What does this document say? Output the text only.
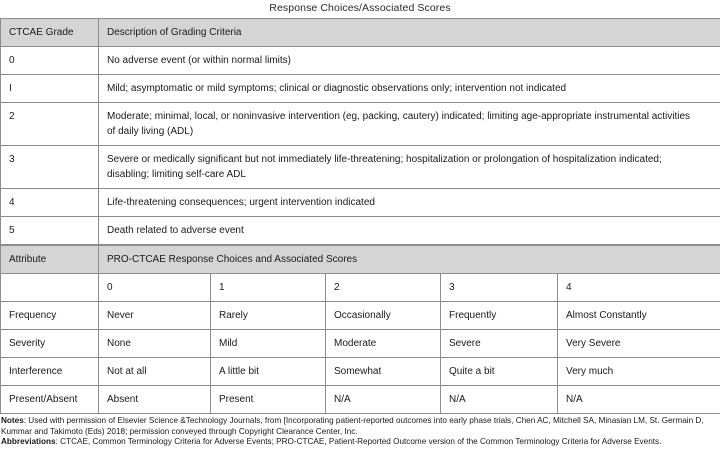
Response Choices/Associated Scores
CTCAE Grade	Description of Grading Criteria
0	No adverse event (or within normal limits)
I	Mild; asymptomatic or mild symptoms; clinical or diagnostic observations only; intervention not indicated
2	Moderate; minimal, local, or noninvasive intervention (eg, packing, cautery) indicated; limiting age-appropriate instrumental activities of daily living (ADL)
3	Severe or medically significant but not immediately life-threatening; hospitalization or prolongation of hospitalization indicated; disabling; limiting self-care ADL
4	Life-threatening consequences; urgent intervention indicated
5	Death related to adverse event
Attribute	PRO-CTCAE Response Choices and Associated Scores				
	0	1	2	3	4
Frequency	Never	Rarely	Occasionally	Frequently	Almost Constantly
Severity	None	Mild	Moderate	Severe	Very Severe
Interference	Not at all	A little bit	Somewhat	Quite a bit	Very much
Present/Absent	Absent	Present	N/A	N/A	N/A

Notes: Used with permission of Elsevier Science &Technology Journals, from [Incorporating patient-reported outcomes into early phase trials, Chen AC, Mitchell SA, Minasian LM, St. Germain D, Kummar and Takimoto (Eds) 2018; permission conveyed through Copyright Clearance Center, Inc.

Abbreviations: CTCAE, Common Terminology Criteria for Adverse Events; PRO-CTCAE, Patient-Reported Outcome version of the Common Terminology Criteria for Adverse Events.
